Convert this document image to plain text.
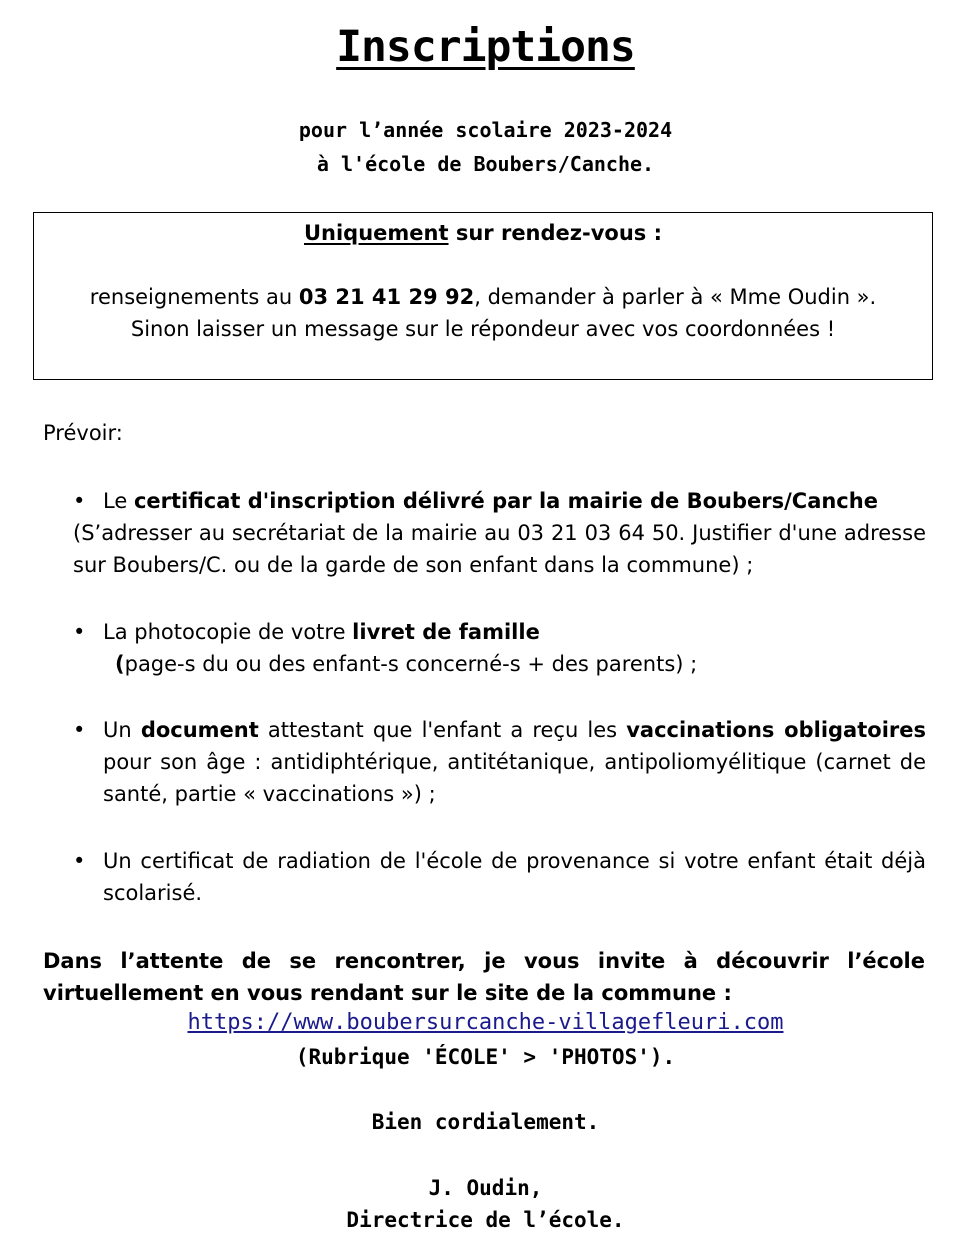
Inscriptions
pour l’année scolaire 2023-2024
à l'école de Boubers/Canche.
Uniquement sur rendez-vous :
renseignements au 03 21 41 29 92, demander à parler à « Mme Oudin ».
Sinon laisser un message sur le répondeur avec vos coordonnées !
Prévoir:
• Le certificat d'inscription délivré par la mairie de Boubers/Canche
(S’adresser au secrétariat de la mairie au 03 21 03 64 50. Justifier d'une adresse sur Boubers/C. ou de la garde de son enfant dans la commune) ;
• La photocopie de votre livret de famille
(page-s du ou des enfant-s concerné-s + des parents) ;
• Un document attestant que l'enfant a reçu les vaccinations obligatoires pour son âge : antidiphtérique, antitétanique, antipoliomyélitique (carnet de santé, partie « vaccinations ») ;
• Un certificat de radiation de l'école de provenance si votre enfant était déjà scolarisé.
Dans l’attente de se rencontrer, je vous invite à découvrir l’école virtuellement en vous rendant sur le site de la commune :
https://www.boubersurcanche-villagefleuri.com
(Rubrique 'ÉCOLE' > 'PHOTOS').
Bien cordialement.
J. Oudin,
Directrice de l’école.
